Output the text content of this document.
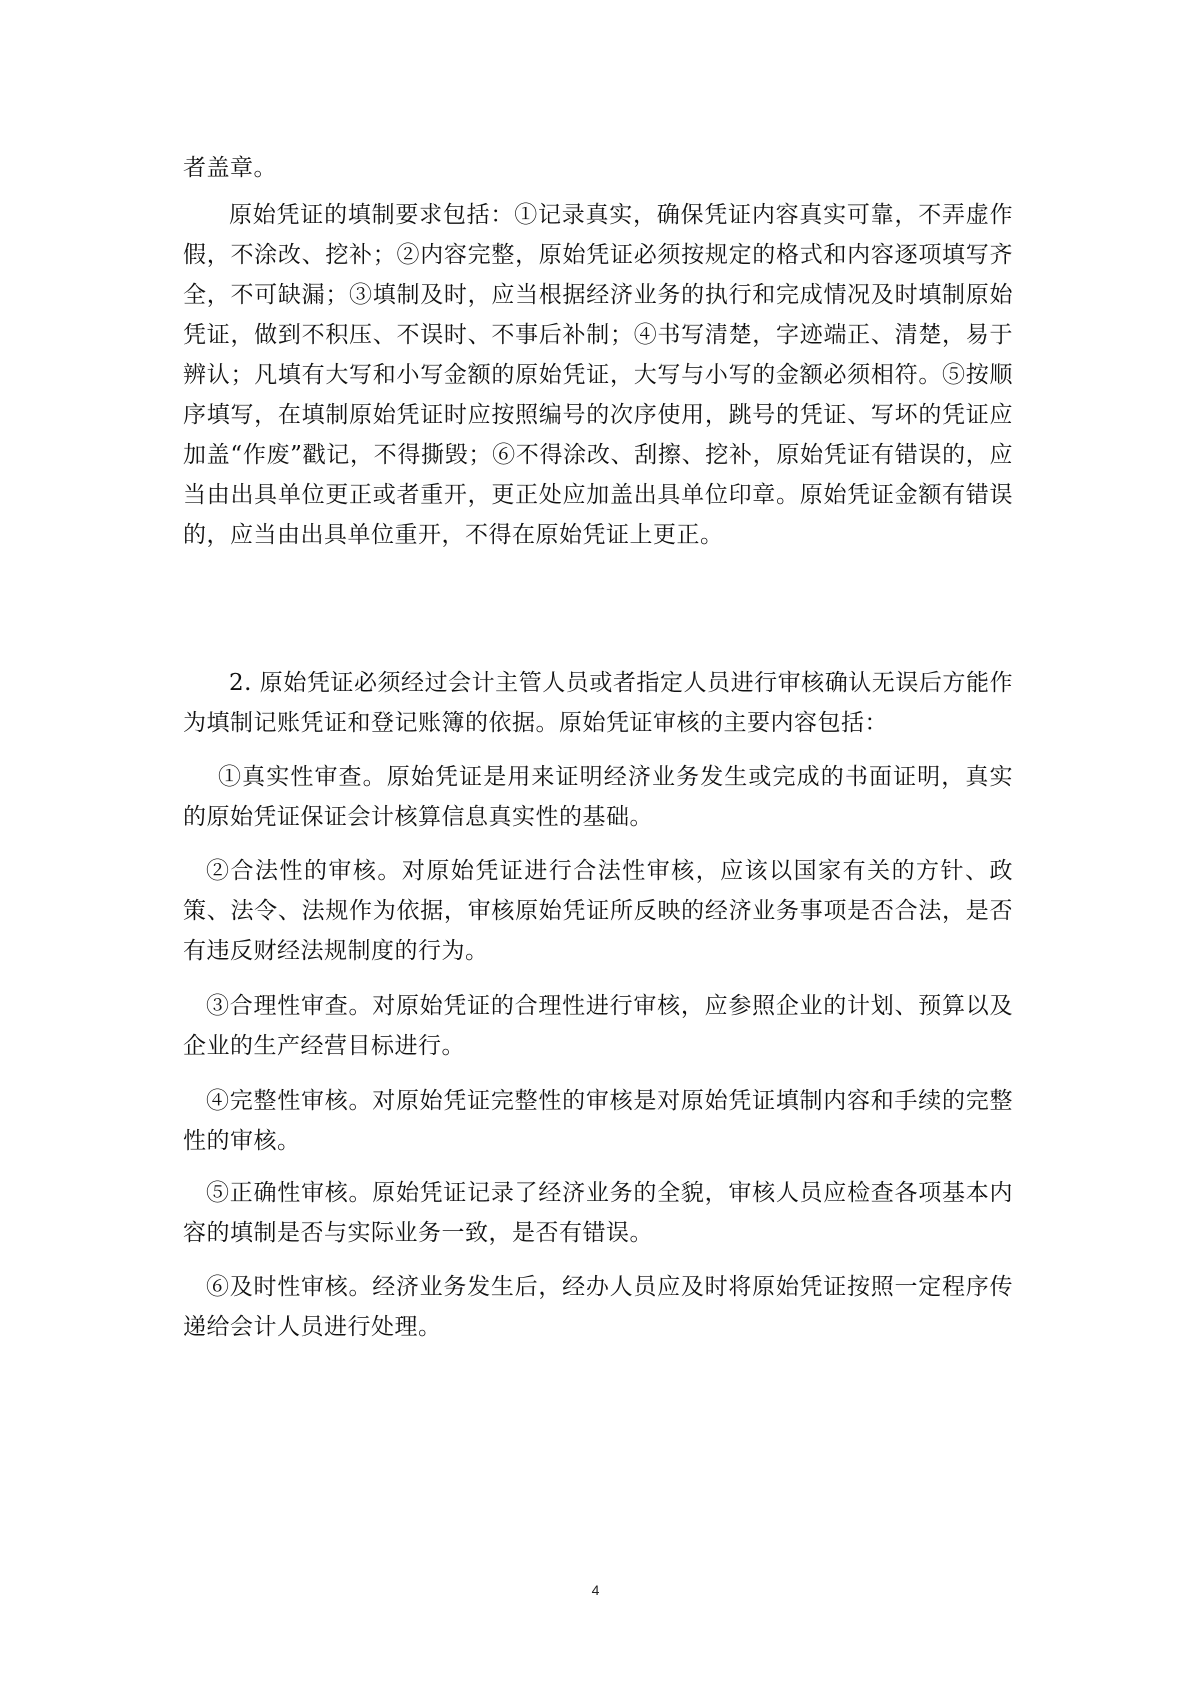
者盖章。

原始凭证的填制要求包括：①记录真实，确保凭证内容真实可靠，不弄虚作假，不涂改、挖补；②内容完整，原始凭证必须按规定的格式和内容逐项填写齐全，不可缺漏；③填制及时，应当根据经济业务的执行和完成情况及时填制原始凭证，做到不积压、不误时、不事后补制；④书写清楚，字迹端正、清楚，易于辨认；凡填有大写和小写金额的原始凭证，大写与小写的金额必须相符。⑤按顺序填写，在填制原始凭证时应按照编号的次序使用，跳号的凭证、写坏的凭证应加盖“作废”戳记，不得撕毁；⑥不得涂改、刮擦、挖补，原始凭证有错误的，应当由出具单位更正或者重开，更正处应加盖出具单位印章。原始凭证金额有错误的，应当由出具单位重开，不得在原始凭证上更正。

2. 原始凭证必须经过会计主管人员或者指定人员进行审核确认无误后方能作为填制记账凭证和登记账簿的依据。原始凭证审核的主要内容包括：

①真实性审查。原始凭证是用来证明经济业务发生或完成的书面证明，真实的原始凭证保证会计核算信息真实性的基础。

②合法性的审核。对原始凭证进行合法性审核，应该以国家有关的方针、政策、法令、法规作为依据，审核原始凭证所反映的经济业务事项是否合法，是否有违反财经法规制度的行为。

③合理性审查。对原始凭证的合理性进行审核，应参照企业的计划、预算以及企业的生产经营目标进行。

④完整性审核。对原始凭证完整性的审核是对原始凭证填制内容和手续的完整性的审核。

⑤正确性审核。原始凭证记录了经济业务的全貌，审核人员应检查各项基本内容的填制是否与实际业务一致，是否有错误。

⑥及时性审核。经济业务发生后，经办人员应及时将原始凭证按照一定程序传递给会计人员进行处理。

4
